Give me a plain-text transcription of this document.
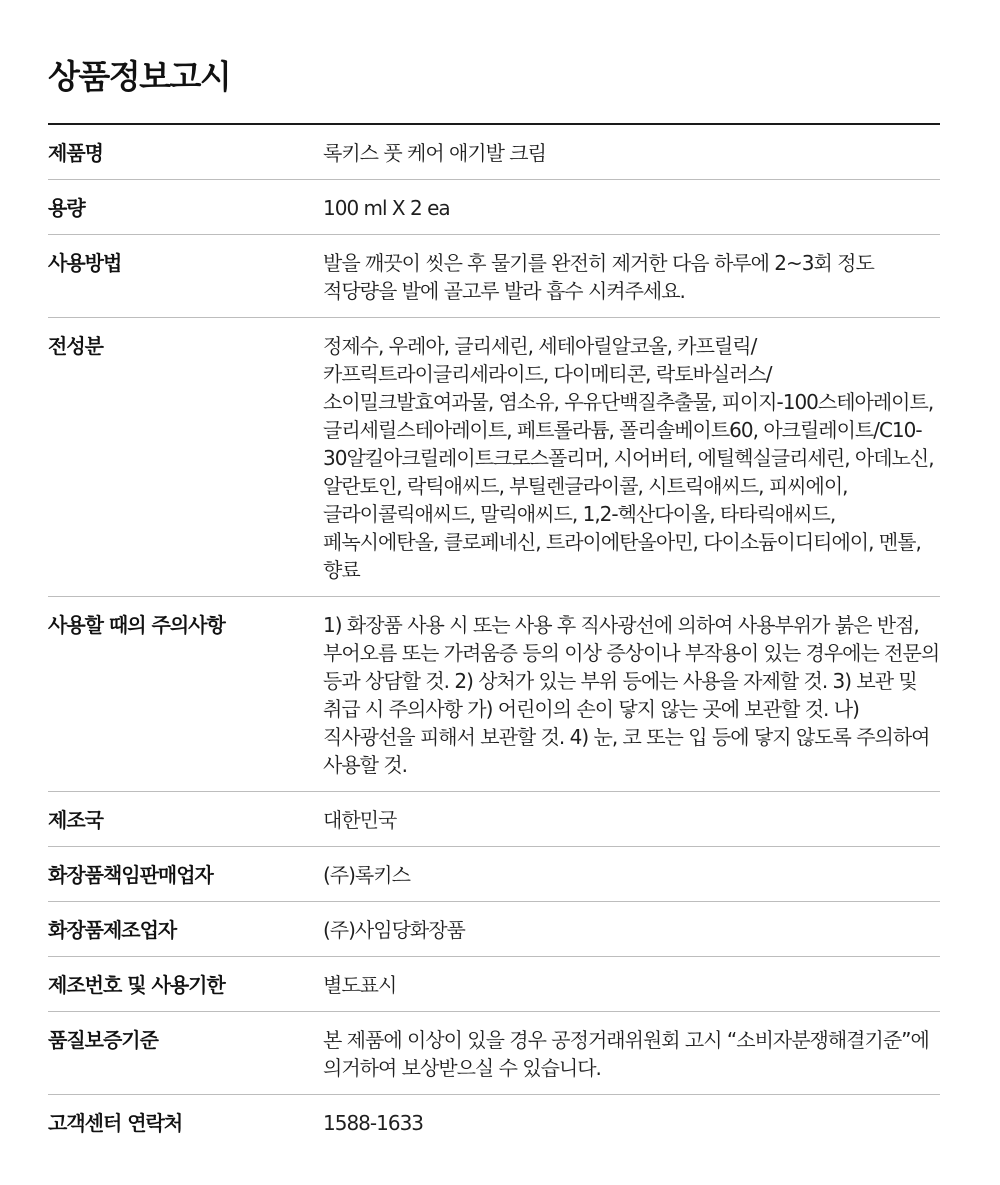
상품정보고시
제품명	록키스 풋 케어 애기발 크림
용량	100 ml X 2 ea
사용방법	발을 깨끗이 씻은 후 물기를 완전히 제거한 다음 하루에 2~3회 정도 적당량을 발에 골고루 발라 흡수 시켜주세요.
전성분	정제수, 우레아, 글리세린, 세테아릴알코올, 카프릴릭/카프릭트라이글리세라이드, 다이메티콘, 락토바실러스/소이밀크발효여과물, 염소유, 우유단백질추출물, 피이지-100스테아레이트, 글리세릴스테아레이트, 페트롤라튬, 폴리솔베이트60, 아크릴레이트/C10-30알킬아크릴레이트크로스폴리머, 시어버터, 에틸헥실글리세린, 아데노신, 알란토인, 락틱애씨드, 부틸렌글라이콜, 시트릭애씨드, 피씨에이, 글라이콜릭애씨드, 말릭애씨드, 1,2-헥산다이올, 타타릭애씨드, 페녹시에탄올, 클로페네신, 트라이에탄올아민, 다이소듐이디티에이, 멘톨, 향료
사용할 때의 주의사항	1) 화장품 사용 시 또는 사용 후 직사광선에 의하여 사용부위가 붉은 반점, 부어오름 또는 가려움증 등의 이상 증상이나 부작용이 있는 경우에는 전문의 등과 상담할 것. 2) 상처가 있는 부위 등에는 사용을 자제할 것. 3) 보관 및 취급 시 주의사항 가) 어린이의 손이 닿지 않는 곳에 보관할 것. 나) 직사광선을 피해서 보관할 것. 4) 눈, 코 또는 입 등에 닿지 않도록 주의하여 사용할 것.
제조국	대한민국
화장품책임판매업자	(주)록키스
화장품제조업자	(주)사임당화장품
제조번호 및 사용기한	별도표시
품질보증기준	본 제품에 이상이 있을 경우 공정거래위원회 고시 “소비자분쟁해결기준”에 의거하여 보상받으실 수 있습니다.
고객센터 연락처	1588-1633
